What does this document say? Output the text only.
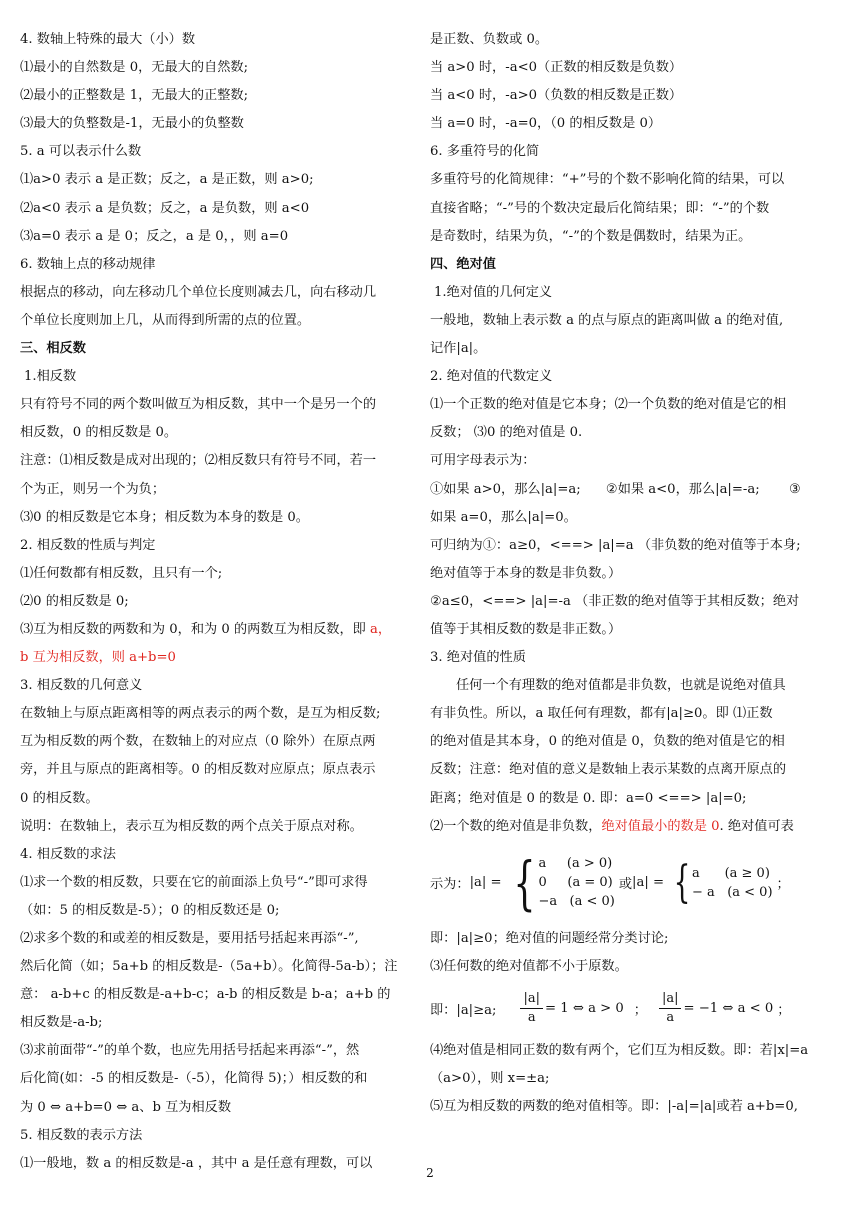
4. 数轴上特殊的最大（小）数
⑴最小的自然数是 0，无最大的自然数;
⑵最小的正整数是 1，无最大的正整数;
⑶最大的负整数是-1，无最小的负整数
5. a 可以表示什么数
⑴a>0 表示 a 是正数；反之，a 是正数，则 a>0;
⑵a<0 表示 a 是负数；反之，a 是负数，则 a<0
⑶a=0 表示 a 是 0；反之，a 是 0，，则 a=0
6. 数轴上点的移动规律
根据点的移动，向左移动几个单位长度则减去几，向右移动几
个单位长度则加上几，从而得到所需的点的位置。
三、相反数
1.相反数
只有符号不同的两个数叫做互为相反数，其中一个是另一个的
相反数，0 的相反数是 0。
注意：⑴相反数是成对出现的；⑵相反数只有符号不同，若一
个为正，则另一个为负；
⑶0 的相反数是它本身；相反数为本身的数是 0。
2. 相反数的性质与判定
⑴任何数都有相反数，且只有一个;
⑵0 的相反数是 0;
⑶互为相反数的两数和为 0，和为 0 的两数互为相反数，即 a，
b 互为相反数，则 a+b=0
3. 相反数的几何意义
在数轴上与原点距离相等的两点表示的两个数，是互为相反数;
互为相反数的两个数，在数轴上的对应点（0 除外）在原点两
旁，并且与原点的距离相等。0 的相反数对应原点；原点表示
0 的相反数。
说明：在数轴上，表示互为相反数的两个点关于原点对称。
4. 相反数的求法
⑴求一个数的相反数，只要在它的前面添上负号“-”即可求得
（如：5 的相反数是-5）；0 的相反数还是 0;
⑵求多个数的和或差的相反数是，要用括号括起来再添“-”,
然后化简（如；5a+b 的相反数是-（5a+b）。化简得-5a-b）；注
意： a-b+c 的相反数是-a+b-c；a-b 的相反数是 b-a；a+b 的
相反数是-a-b;
⑶求前面带“-”的单个数，也应先用括号括起来再添“-”，然
后化简(如：-5 的相反数是-（-5），化简得 5)；）相反数的和
为 0 ⇔ a+b=0 ⇔ a、b 互为相反数
5. 相反数的表示方法
⑴一般地，数 a 的相反数是-a ，其中 a 是任意有理数，可以
是正数、负数或 0。
当 a>0 时，-a<0（正数的相反数是负数）
当 a<0 时，-a>0（负数的相反数是正数）
当 a=0 时，-a=0，（0 的相反数是 0）
6. 多重符号的化简
多重符号的化简规律：“+”号的个数不影响化简的结果，可以
直接省略；“-”号的个数决定最后化简结果；即：“-”的个数
是奇数时，结果为负，“-”的个数是偶数时，结果为正。
四、绝对值
1.绝对值的几何定义
一般地，数轴上表示数 a 的点与原点的距离叫做 a 的绝对值,
记作|a|。
2. 绝对值的代数定义
⑴一个正数的绝对值是它本身；⑵一个负数的绝对值是它的相
反数； ⑶0 的绝对值是 0.
可用字母表示为：
①如果 a>0，那么|a|=a;      ②如果 a<0，那么|a|=-a;       ③
如果 a=0，那么|a|=0。
可归纳为①：a≥0，<==> |a|=a （非负数的绝对值等于本身;
绝对值等于本身的数是非负数。）
②a≤0，<==> |a|=-a （非正数的绝对值等于其相反数；绝对
值等于其相反数的数是非正数。）
3. 绝对值的性质
任何一个有理数的绝对值都是非负数，也就是说绝对值具
有非负性。所以，a 取任何有理数，都有|a|≥0。即 ⑴正数
的绝对值是其本身，0 的绝对值是 0，负数的绝对值是它的相
反数；注意：绝对值的意义是数轴上表示某数的点离开原点的
距离；绝对值是 0 的数是 0. 即：a=0 <==> |a|=0;
⑵一个数的绝对值是非负数，绝对值最小的数是 0. 绝对值可表
示为： |a| = { a     (a > 0)
0     (a = 0)
−a   (a < 0)
或 |a| = { a      (a ≥ 0)
− a   (a < 0) ；
即：|a|≥0；绝对值的问题经常分类讨论;
⑶任何数的绝对值都不小于原数。
即：|a|≥a; $\frac{|a|}{a} = 1$ ⇔ a > 0 ； $\frac{|a|}{a} = -1$ ⇔ a < 0 ；
⑷绝对值是相同正数的数有两个，它们互为相反数。即：若|x|=a
（a>0），则 x=±a;
⑸互为相反数的两数的绝对值相等。即：|-a|=|a|或若 a+b=0,
2
